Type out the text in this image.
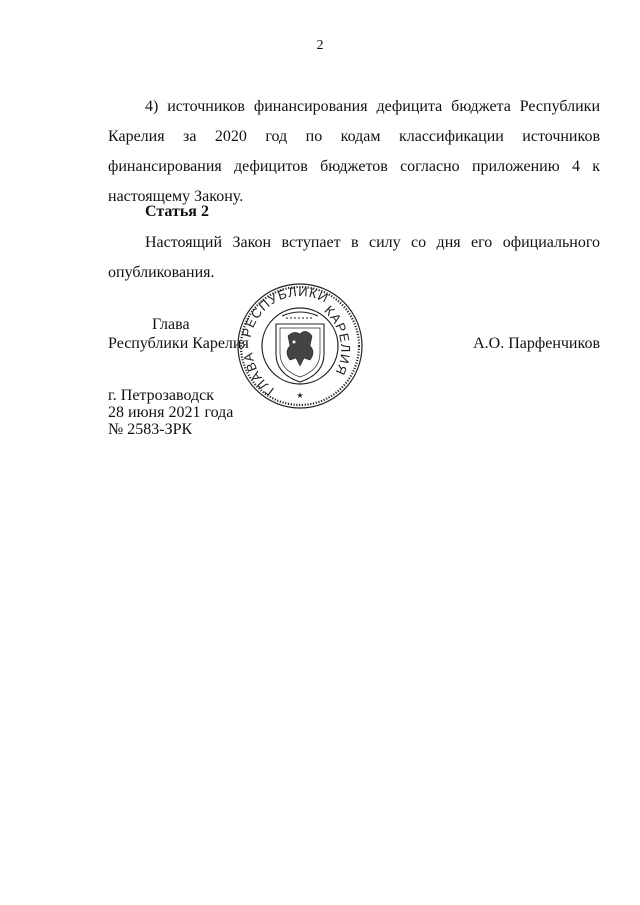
2
4) источников финансирования дефицита бюджета Республики Карелия за 2020 год по кодам классификации источников финансирования дефицитов бюджетов согласно приложению 4 к настоящему Закону.
Статья 2
Настоящий Закон вступает в силу со дня его официального опубликования.
Глава
Республики Карелия	А.О. Парфенчиков
г. Петрозаводск
28 июня 2021 года
№ 2583-ЗРК
РЕСПУБЛИКИ
КАРЕЛИЯ
ГЛАВА
★
